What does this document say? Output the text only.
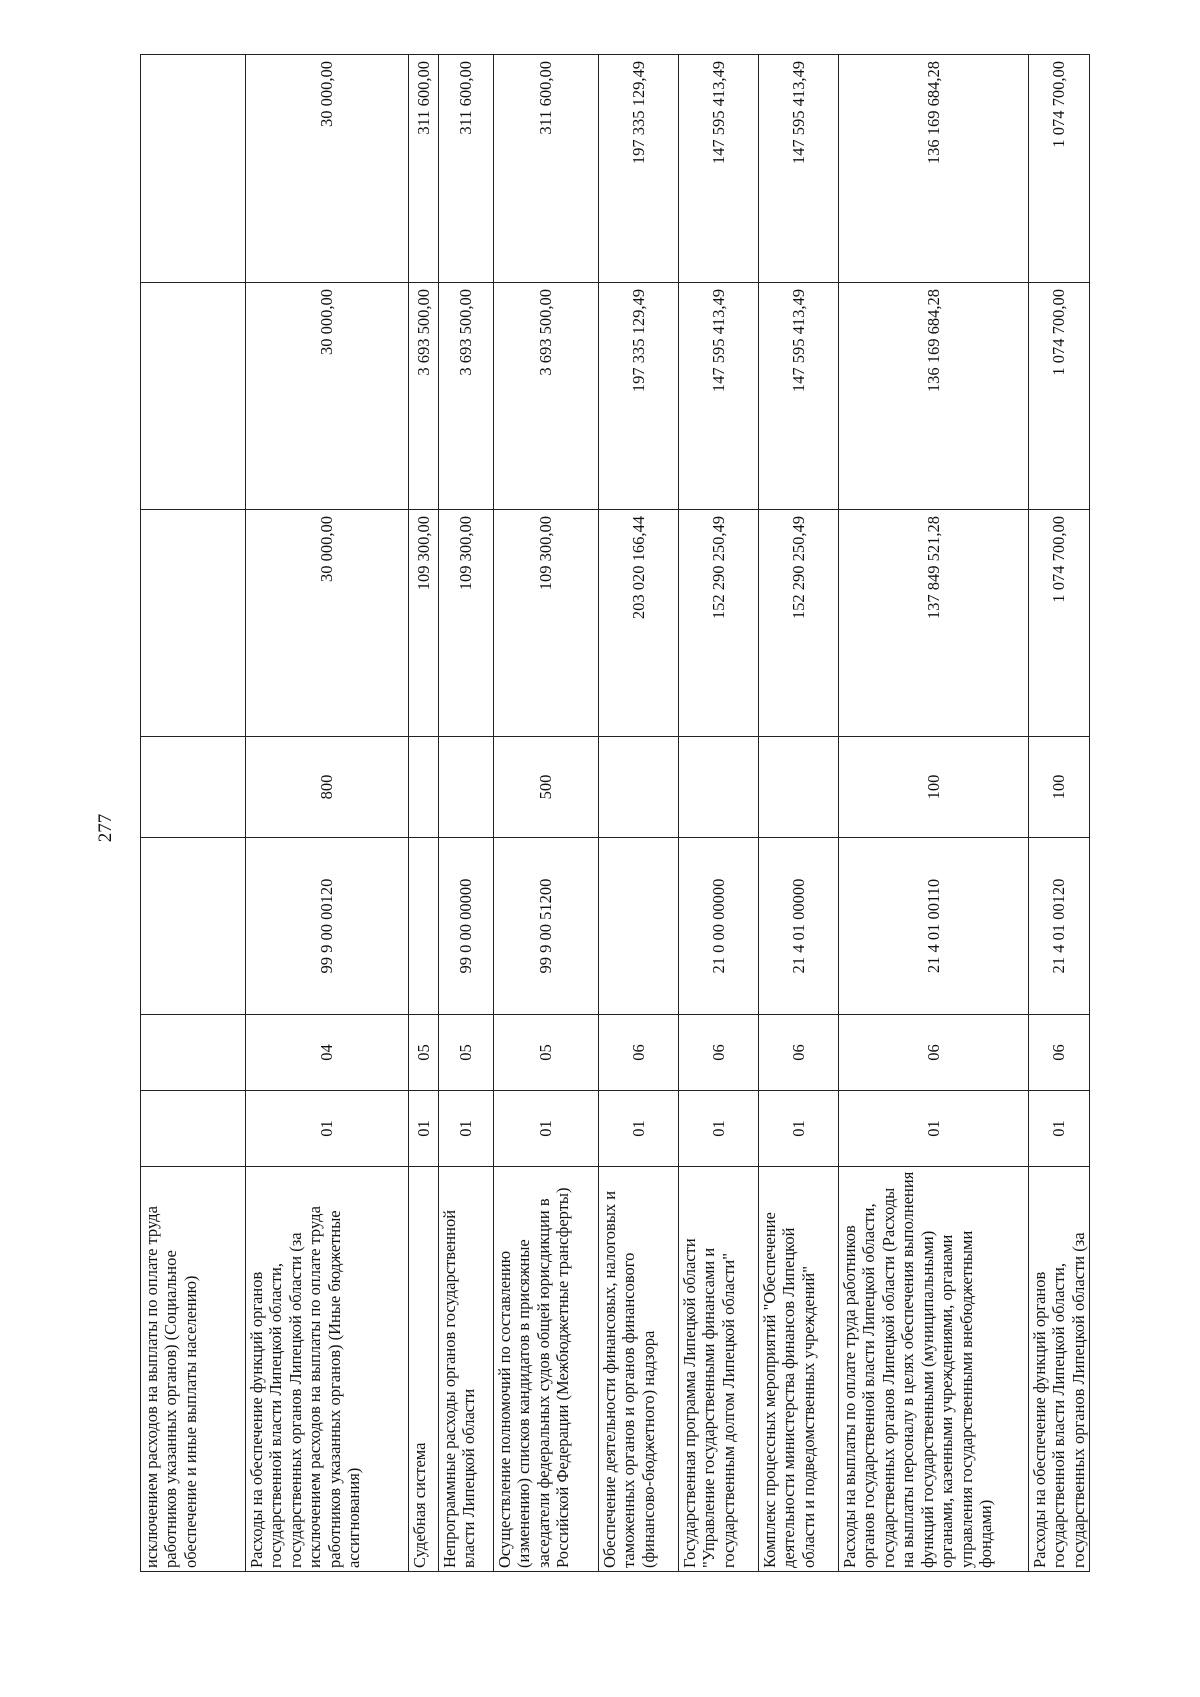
277
исключением расходов на выплаты по оплате труда работников указанных органов) (Социальное обеспечение и иные выплаты населению)							
Расходы на обеспечение функций органов государственной власти Липецкой области, государственных органов Липецкой области (за исключением расходов на выплаты по оплате труда работников указанных органов) (Иные бюджетные ассигнования)	01	04	99 9 00 00120	800	30 000,00	30 000,00	30 000,00
Судебная система	01	05			109 300,00	3 693 500,00	311 600,00
Непрограммные расходы органов государственной власти Липецкой области	01	05	99 0 00 00000		109 300,00	3 693 500,00	311 600,00
Осуществление полномочий по составлению (изменению) списков кандидатов в присяжные заседатели федеральных судов общей юрисдикции в Российской Федерации (Межбюджетные трансферты)	01	05	99 9 00 51200	500	109 300,00	3 693 500,00	311 600,00
Обеспечение деятельности финансовых, налоговых и таможенных органов и органов финансового (финансово-бюджетного) надзора	01	06			203 020 166,44	197 335 129,49	197 335 129,49
Государственная программа Липецкой области "Управление государственными финансами и государственным долгом Липецкой области"	01	06	21 0 00 00000		152 290 250,49	147 595 413,49	147 595 413,49
Комплекс процессных мероприятий "Обеспечение деятельности министерства финансов Липецкой области и подведомственных учреждений"	01	06	21 4 01 00000		152 290 250,49	147 595 413,49	147 595 413,49
Расходы на выплаты по оплате труда работников органов государственной власти Липецкой области, государственных органов Липецкой области (Расходы на выплаты персоналу в целях обеспечения выполнения функций государственными (муниципальными) органами, казенными учреждениями, органами управления государственными внебюджетными фондами)	01	06	21 4 01 00110	100	137 849 521,28	136 169 684,28	136 169 684,28
Расходы на обеспечение функций органов государственной власти Липецкой области, государственных органов Липецкой области (за	01	06	21 4 01 00120	100	1 074 700,00	1 074 700,00	1 074 700,00
